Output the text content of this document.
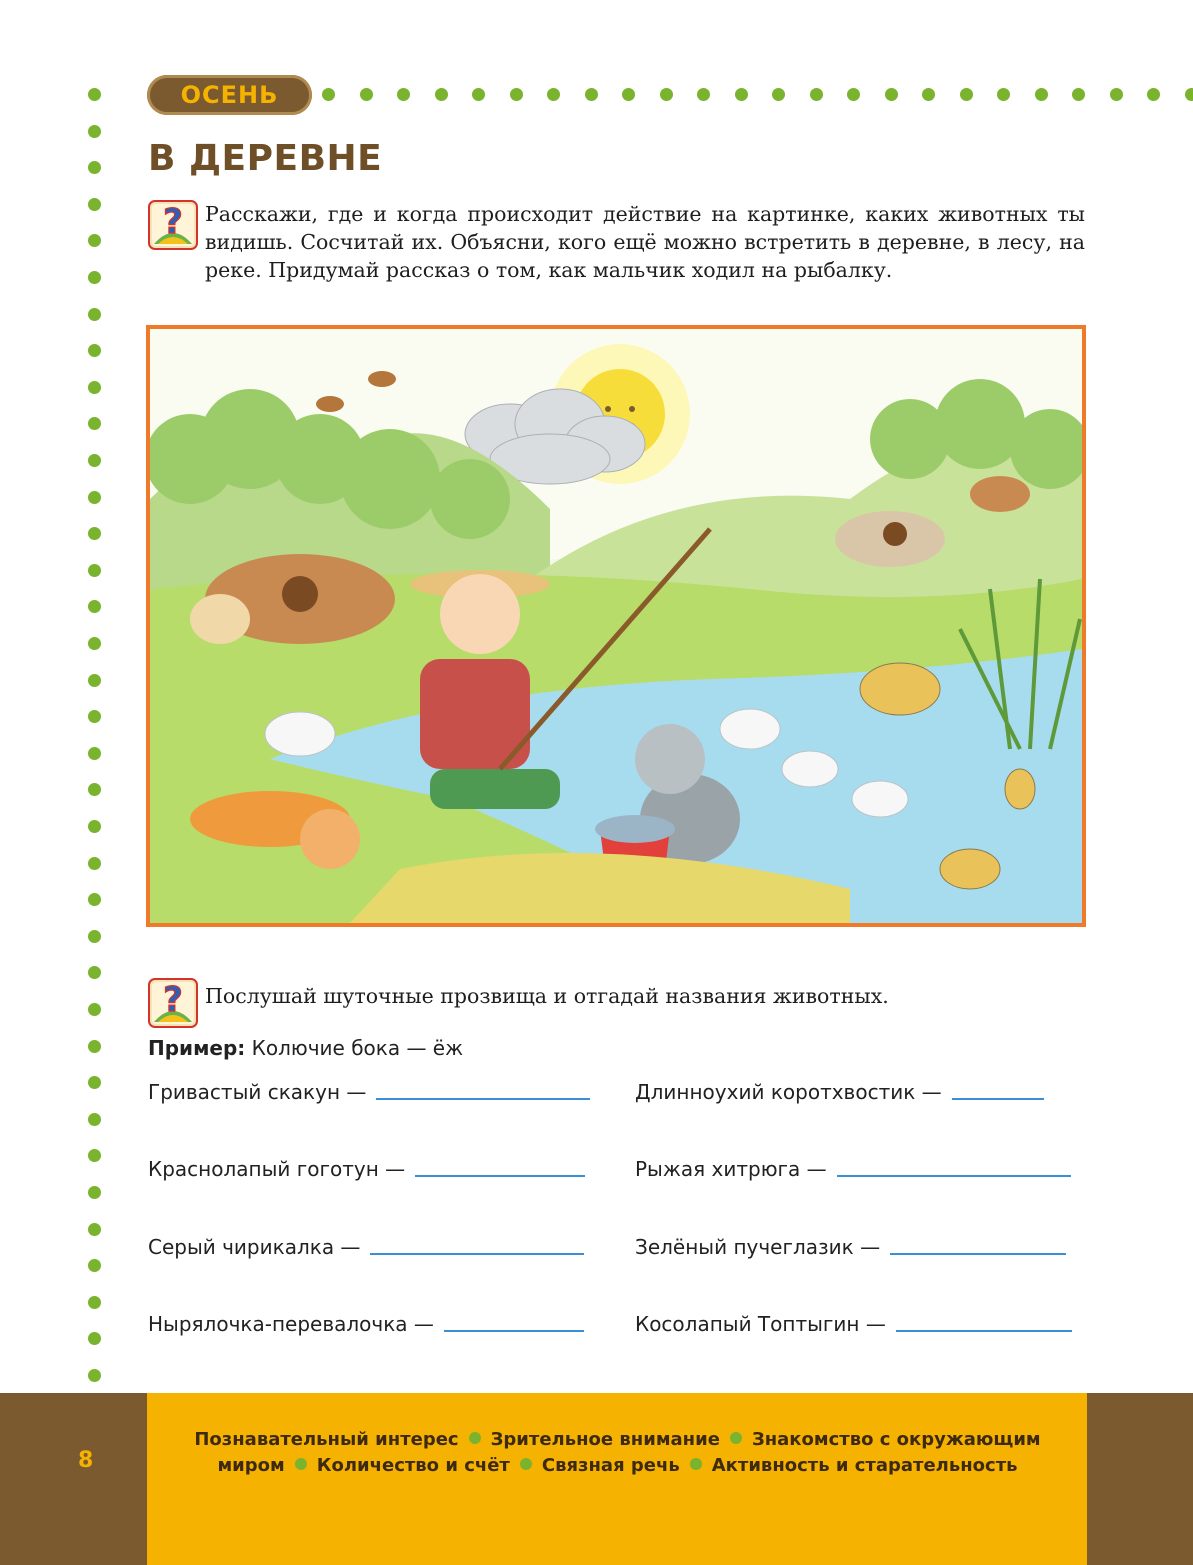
ОСЕНЬ
В ДЕРЕВНЕ
? Расскажи, где и когда происходит действие на картинке, каких животных ты видишь. Сосчитай их. Объясни, кого ещё можно встретить в деревне, в лесу, на реке. Придумай рассказ о том, как мальчик ходил на рыбалку.
? Послушай шуточные прозвища и отгадай названия животных.
Пример: Колючие бока — ёж
Гривастый скакун —
Краснолапый гоготун —
Серый чирикалка —
Нырялочка-перевалочка —
Длинноухий коротхвостик —
Рыжая хитрюга —
Зелёный пучеглазик —
Косолапый Топтыгин —
8
Познавательный интерес Зрительное внимание Знакомство с окружающим
миром Количество и счёт Связная речь Активность и старательность
